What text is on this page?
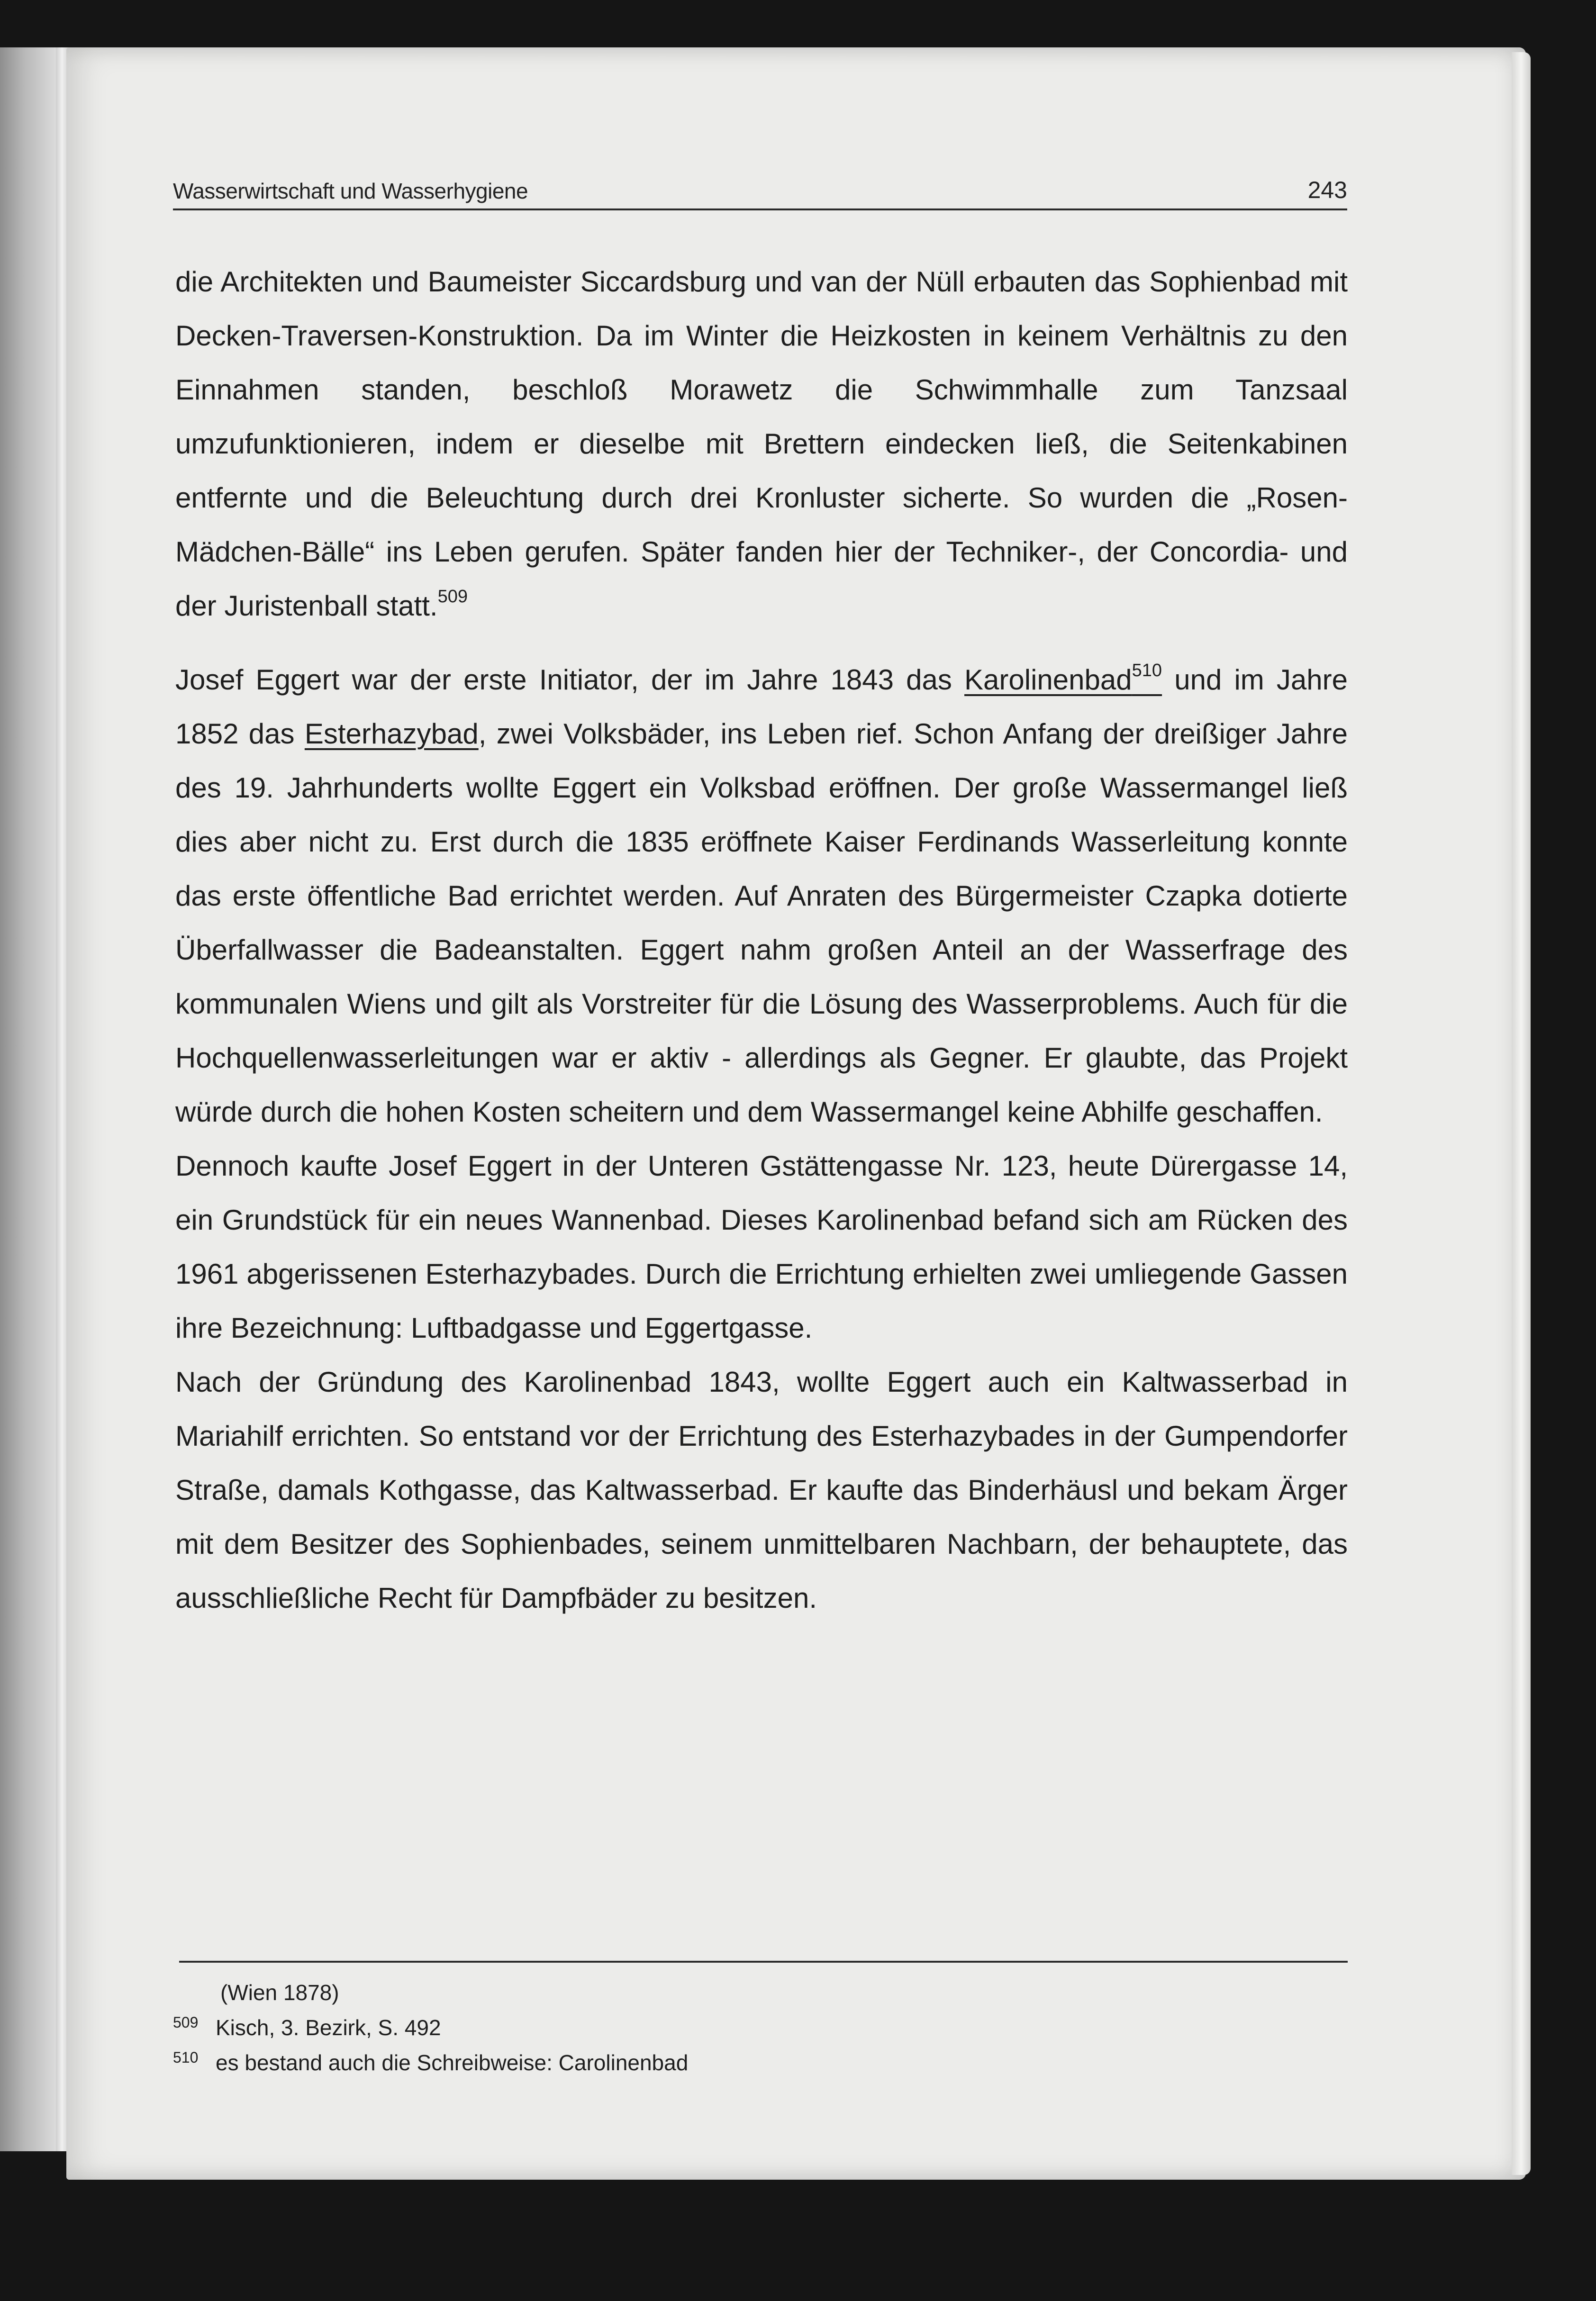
Wasserwirtschaft und Wasserhygiene	243

die Architekten und Baumeister Siccardsburg und van der Nüll erbauten das Sophienbad mit Decken-Traversen-Konstruktion. Da im Winter die Heizkosten in keinem Verhältnis zu den Einnahmen standen, beschloß Morawetz die Schwimmhalle zum Tanzsaal umzufunktionieren, indem er dieselbe mit Brettern eindecken ließ, die Seitenkabinen entfernte und die Beleuchtung durch drei Kronluster sicherte. So wurden die „Rosen-Mädchen-Bälle“ ins Leben gerufen. Später fanden hier der Techniker-, der Concordia- und der Juristenball statt.$^{509}$

Josef Eggert war der erste Initiator, der im Jahre 1843 das Karolinenbad$^{510}$ und im Jahre 1852 das Esterhazybad, zwei Volksbäder, ins Leben rief. Schon Anfang der dreißiger Jahre des 19. Jahrhunderts wollte Eggert ein Volksbad eröffnen. Der große Wassermangel ließ dies aber nicht zu. Erst durch die 1835 eröffnete Kaiser Ferdinands Wasserleitung konnte das erste öffentliche Bad errichtet werden. Auf Anraten des Bürgermeister Czapka dotierte Überfallwasser die Badeanstalten. Eggert nahm großen Anteil an der Wasserfrage des kommunalen Wiens und gilt als Vorstreiter für die Lösung des Wasserproblems. Auch für die Hochquellenwasserleitungen war er aktiv - allerdings als Gegner. Er glaubte, das Projekt würde durch die hohen Kosten scheitern und dem Wassermangel keine Abhilfe geschaffen.

Dennoch kaufte Josef Eggert in der Unteren Gstättengasse Nr. 123, heute Dürergasse 14, ein Grundstück für ein neues Wannenbad. Dieses Karolinenbad befand sich am Rücken des 1961 abgerissenen Esterhazybades. Durch die Errichtung erhielten zwei umliegende Gassen ihre Bezeichnung: Luftbadgasse und Eggertgasse.

Nach der Gründung des Karolinenbad 1843, wollte Eggert auch ein Kaltwasserbad in Mariahilf errichten. So entstand vor der Errichtung des Esterhazybades in der Gumpendorfer Straße, damals Kothgasse, das Kaltwasserbad. Er kaufte das Binderhäusl und bekam Ärger mit dem Besitzer des Sophienbades, seinem unmittelbaren Nachbarn, der behauptete, das ausschließliche Recht für Dampfbäder zu besitzen.

(Wien 1878)
509 Kisch, 3. Bezirk, S. 492
510 es bestand auch die Schreibweise: Carolinenbad
